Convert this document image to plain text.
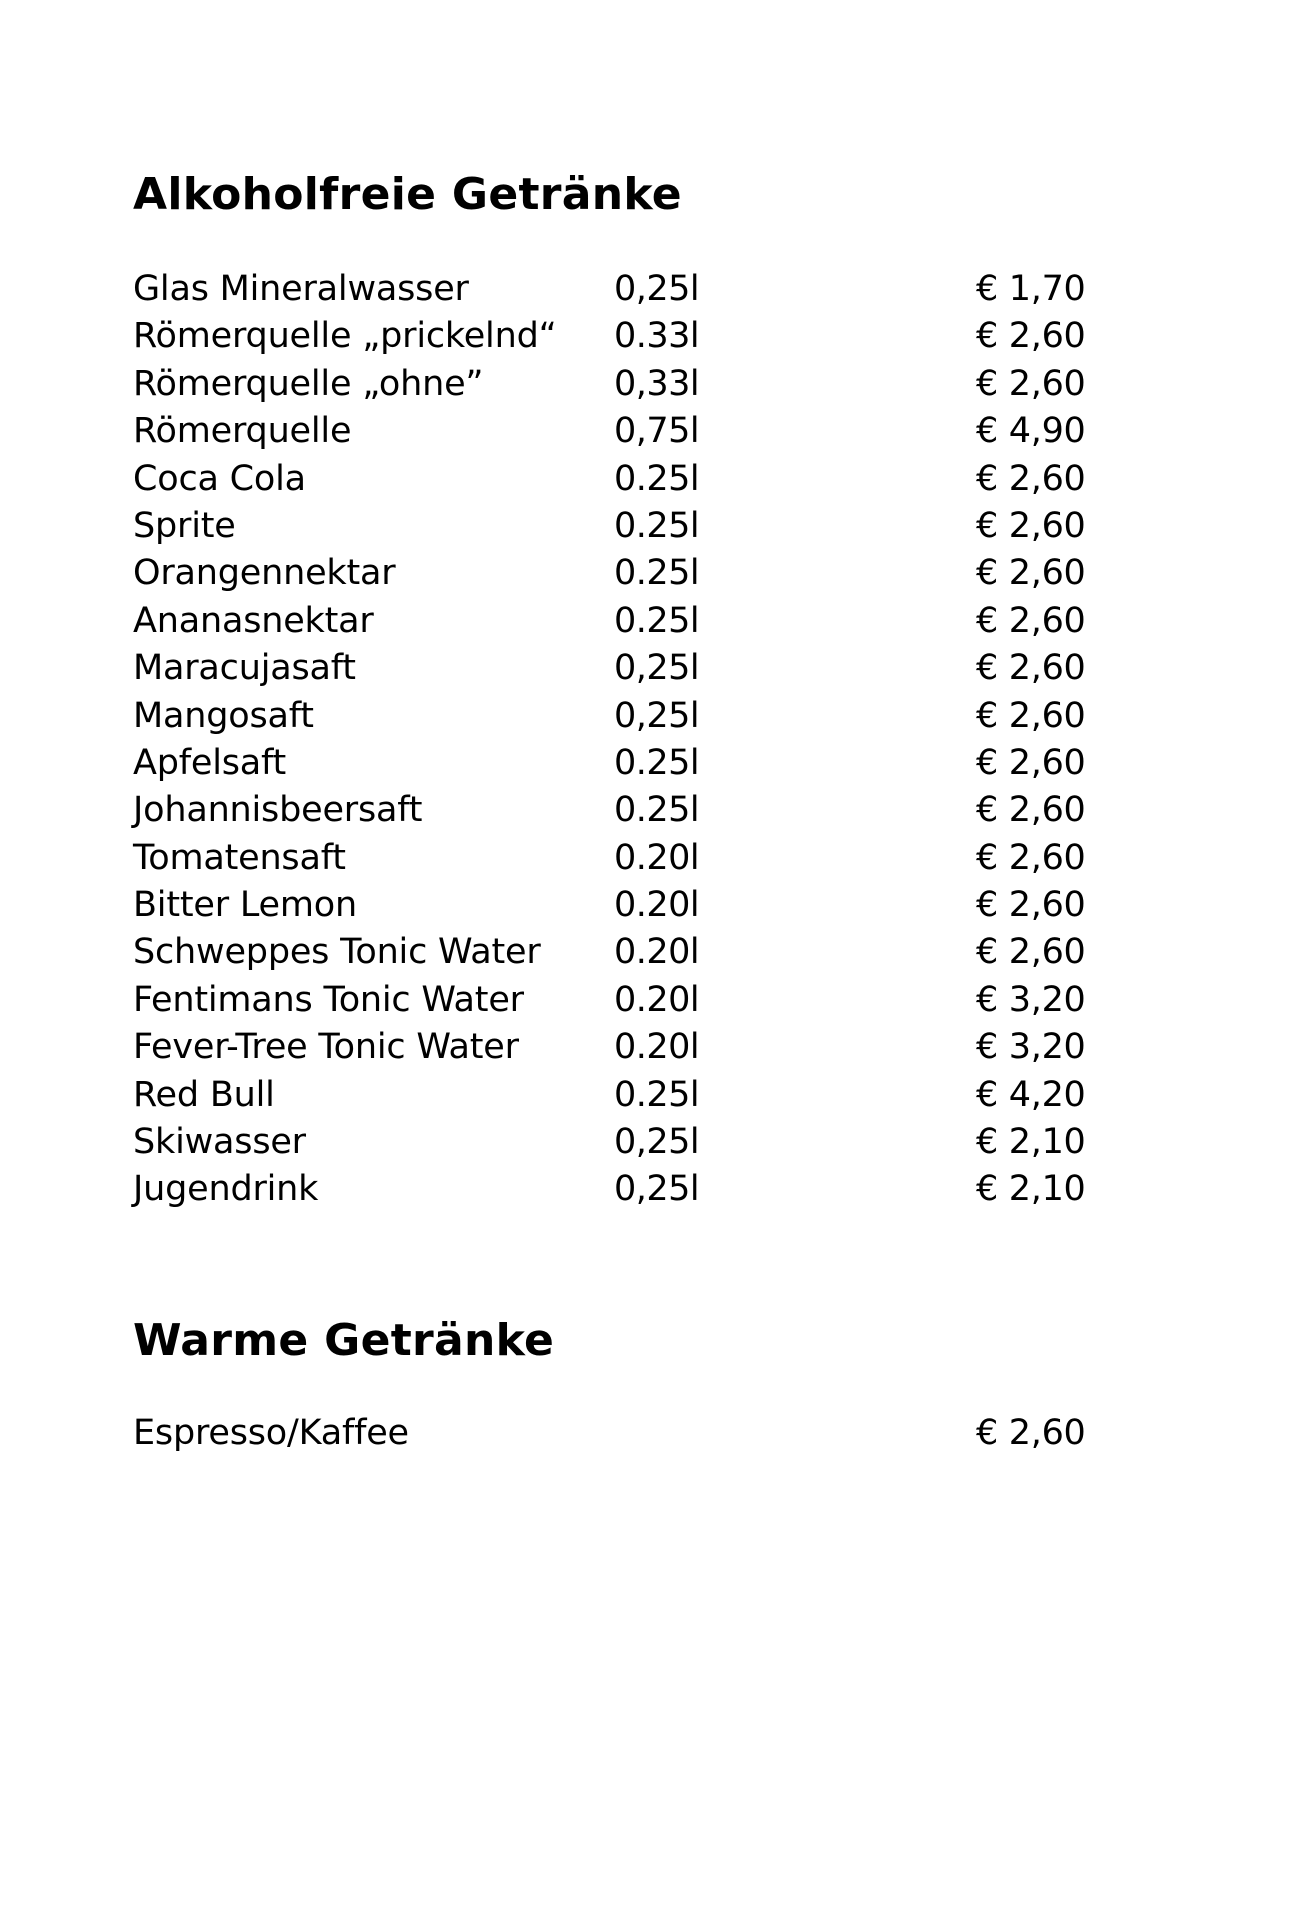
Alkoholfreie Getränke
Glas Mineralwasser	0,25l	€ 1,70
Römerquelle „prickelnd“ 0.33l	€ 2,60
Römerquelle „ohne”	0,33l	€ 2,60
Römerquelle	0,75l	€ 4,90
Coca Cola	0.25l	€ 2,60
Sprite	0.25l	€ 2,60
Orangennektar	0.25l	€ 2,60
Ananasnektar	0.25l	€ 2,60
Maracujasaft	0,25l	€ 2,60
Mangosaft	0,25l	€ 2,60
Apfelsaft	0.25l	€ 2,60
Johannisbeersaft	0.25l	€ 2,60
Tomatensaft	0.20l	€ 2,60
Bitter Lemon	0.20l	€ 2,60
Schweppes Tonic Water 0.20l	€ 2,60
Fentimans Tonic Water	0.20l	€ 3,20
Fever-Tree Tonic Water	0.20l	€ 3,20
Red Bull	0.25l	€ 4,20
Skiwasser	0,25l	€ 2,10
Jugendrink	0,25l	€ 2,10
Warme Getränke
Espresso/Kaffee	€ 2,60
